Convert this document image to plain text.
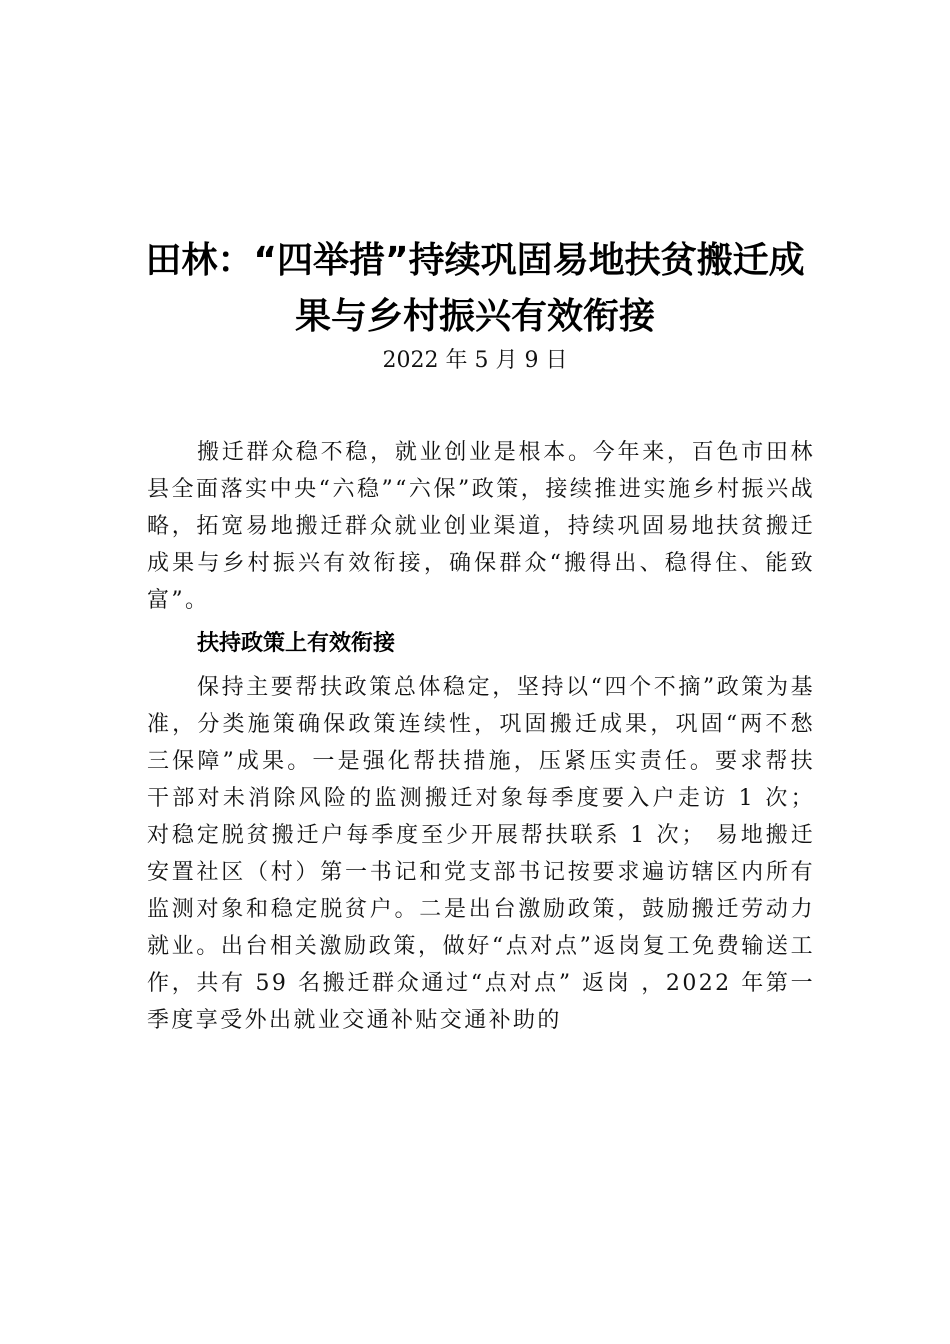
田林：“四举措”持续巩固易地扶贫搬迁成
果与乡村振兴有效衔接
2022 年 5 月 9 日

搬迁群众稳不稳，就业创业是根本。今年来，百色市田林县全面落实中央“六稳”“六保”政策，接续推进实施乡村振兴战略，拓宽易地搬迁群众就业创业渠道，持续巩固易地扶贫搬迁成果与乡村振兴有效衔接，确保群众“搬得出、稳得住、能致富”。

扶持政策上有效衔接

保持主要帮扶政策总体稳定，坚持以“四个不摘”政策为基准，分类施策确保政策连续性，巩固搬迁成果，巩固“两不愁三保障”成果。一是强化帮扶措施，压紧压实责任。要求帮扶干部对未消除风险的监测搬迁对象每季度要入户走访 1 次；对稳定脱贫搬迁户每季度至少开展帮扶联系 1 次； 易地搬迁安置社区（村）第一书记和党支部书记按要求遍访辖区内所有监测对象和稳定脱贫户。二是出台激励政策，鼓励搬迁劳动力就业。出台相关激励政策，做好“点对点”返岗复工免费输送工作，共有 59 名搬迁群众通过“点对点” 返岗 ，2022 年第一季度享受外出就业交通补贴交通补助的
